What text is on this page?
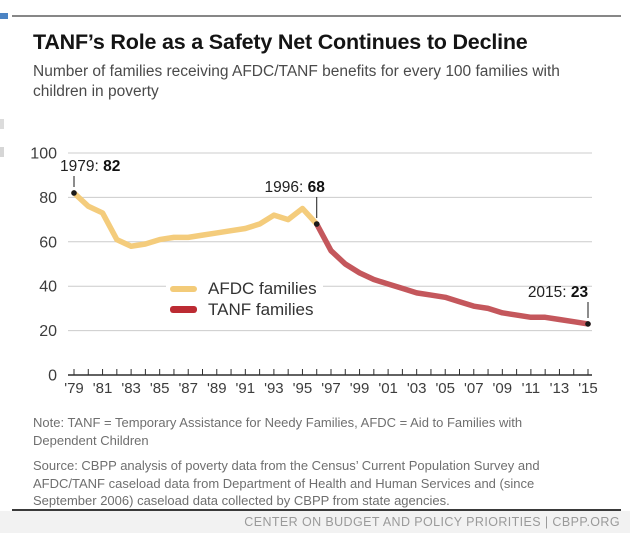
TANF’s Role as a Safety Net Continues to Decline
Number of families receiving AFDC/TANF benefits for every 100 families with children in poverty
0
20
40
60
80
100
'79 '81 '83 '85 '87 '89 '91 '93 '95 '97 '99 '01 '03 '05 '07 '09 '11 '13 '15
1979: 82
1996: 68
2015: 23
AFDC families
TANF families

Note: TANF = Temporary Assistance for Needy Families, AFDC = Aid to Families with Dependent Children

Source: CBPP analysis of poverty data from the Census’ Current Population Survey and AFDC/TANF caseload data from Department of Health and Human Services and (since September 2006) caseload data collected by CBPP from state agencies.

CENTER ON BUDGET AND POLICY PRIORITIES | CBPP.ORG
